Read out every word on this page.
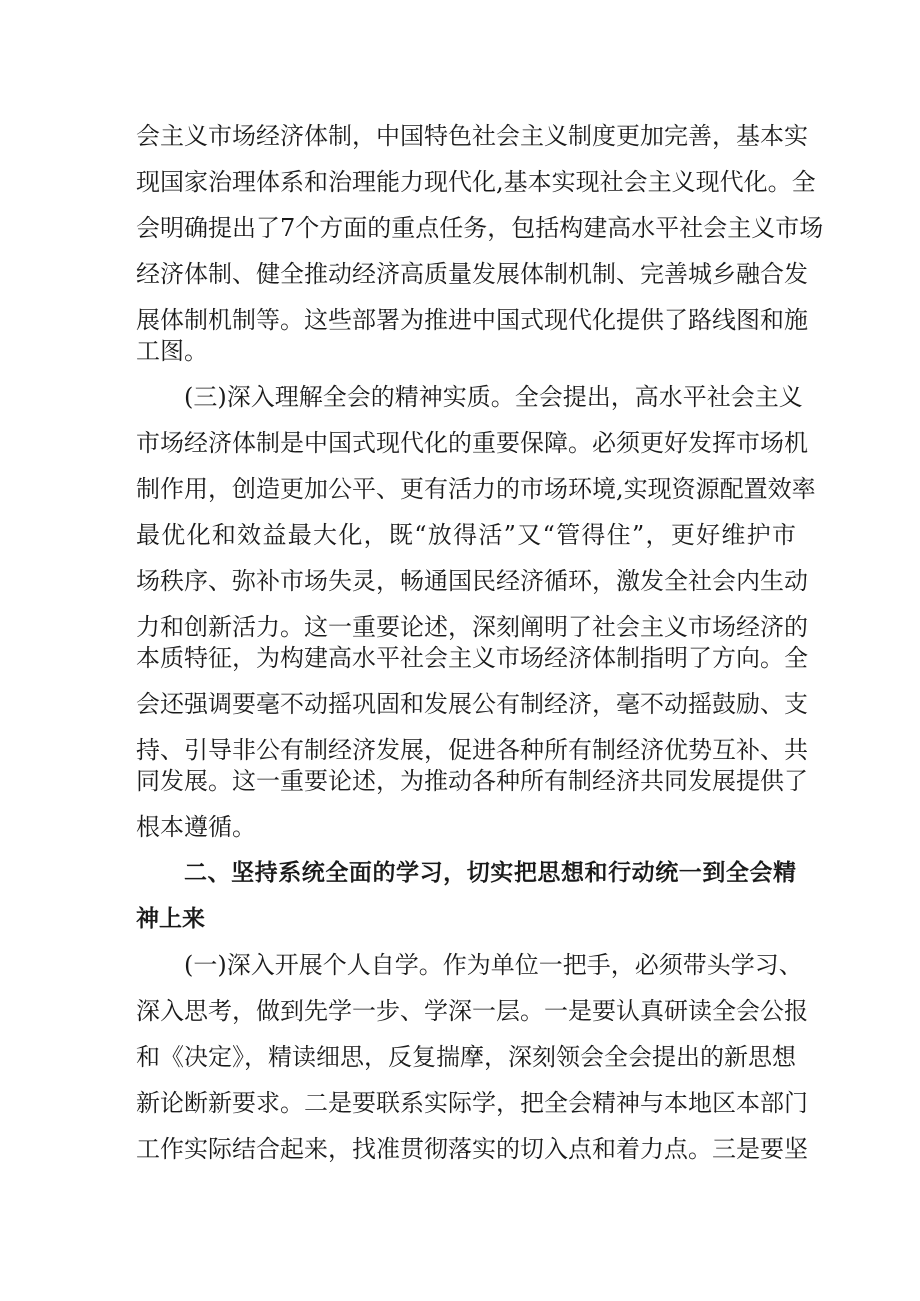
会主义市场经济体制，中国特色社会主义制度更加完善，基本实
现国家治理体系和治理能力现代化,基本实现社会主义现代化。全
会明确提出了7个方面的重点任务，包括构建高水平社会主义市场
经济体制、健全推动经济高质量发展体制机制、完善城乡融合发
展体制机制等。这些部署为推进中国式现代化提供了路线图和施
工图。
(三)深入理解全会的精神实质。全会提出，高水平社会主义
市场经济体制是中国式现代化的重要保障。必须更好发挥市场机
制作用，创造更加公平、更有活力的市场环境,实现资源配置效率
最优化和效益最大化，既“放得活”又“管得住”，更好维护市
场秩序、弥补市场失灵，畅通国民经济循环，激发全社会内生动
力和创新活力。这一重要论述，深刻阐明了社会主义市场经济的
本质特征，为构建高水平社会主义市场经济体制指明了方向。全
会还强调要毫不动摇巩固和发展公有制经济，毫不动摇鼓励、支
持、引导非公有制经济发展，促进各种所有制经济优势互补、共
同发展。这一重要论述，为推动各种所有制经济共同发展提供了
根本遵循。
二、坚持系统全面的学习，切实把思想和行动统一到全会精
神上来
(一)深入开展个人自学。作为单位一把手，必须带头学习、
深入思考，做到先学一步、学深一层。一是要认真研读全会公报
和《决定》，精读细思，反复揣摩，深刻领会全会提出的新思想
新论断新要求。二是要联系实际学，把全会精神与本地区本部门
工作实际结合起来，找准贯彻落实的切入点和着力点。三是要坚
